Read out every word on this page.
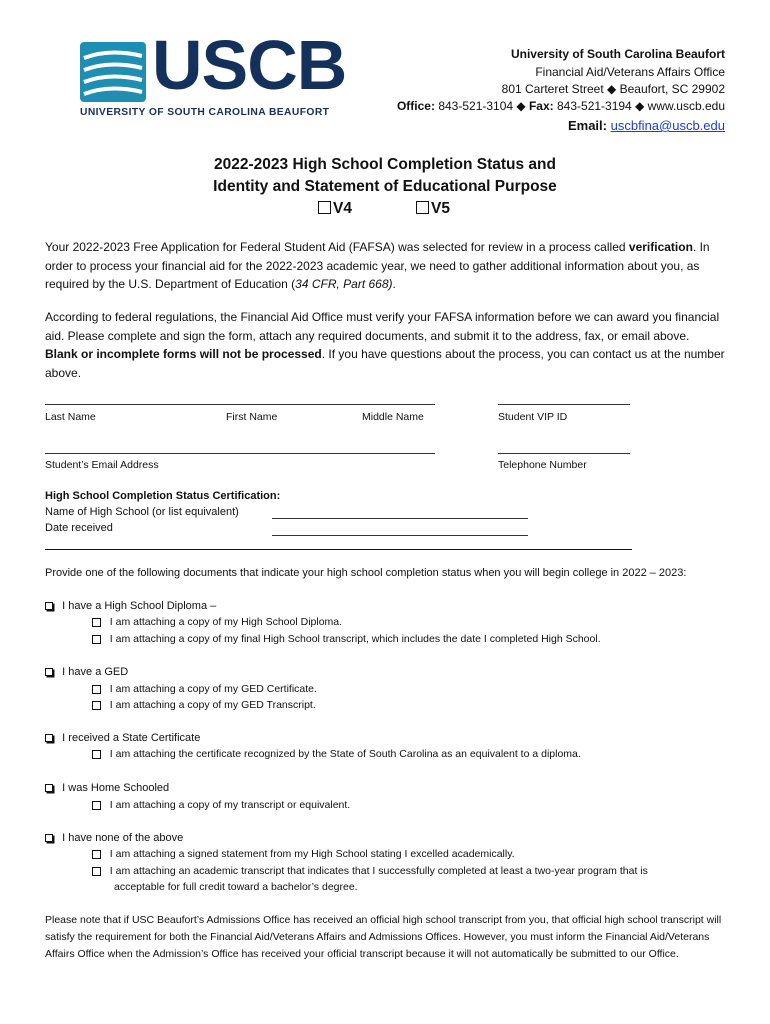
USCB
UNIVERSITY OF SOUTH CAROLINA BEAUFORT
University of South Carolina Beaufort
Financial Aid/Veterans Affairs Office
801 Carteret Street ◆ Beaufort, SC 29902
Office: 843-521-3104 ◆ Fax: 843-521-3194 ◆ www.uscb.edu
Email: uscbfina@uscb.edu
2022-2023 High School Completion Status and
Identity and Statement of Educational Purpose
V4	V5
Your 2022-2023 Free Application for Federal Student Aid (FAFSA) was selected for review in a process called verification. In order to process your financial aid for the 2022-2023 academic year, we need to gather additional information about you, as required by the U.S. Department of Education (34 CFR, Part 668).
According to federal regulations, the Financial Aid Office must verify your FAFSA information before we can award you financial aid. Please complete and sign the form, attach any required documents, and submit it to the address, fax, or email above. Blank or incomplete forms will not be processed. If you have questions about the process, you can contact us at the number above.
Last Name	First Name	Middle Name	Student VIP ID
Student’s Email Address	Telephone Number
High School Completion Status Certification:
Name of High School (or list equivalent)
Date received
Provide one of the following documents that indicate your high school completion status when you will begin college in 2022 – 2023:
I have a High School Diploma –
I am attaching a copy of my High School Diploma.
I am attaching a copy of my final High School transcript, which includes the date I completed High School.
I have a GED
I am attaching a copy of my GED Certificate.
I am attaching a copy of my GED Transcript.
I received a State Certificate
I am attaching the certificate recognized by the State of South Carolina as an equivalent to a diploma.
I was Home Schooled
I am attaching a copy of my transcript or equivalent.
I have none of the above
I am attaching a signed statement from my High School stating I excelled academically.
I am attaching an academic transcript that indicates that I successfully completed at least a two-year program that is
acceptable for full credit toward a bachelor’s degree.
Please note that if USC Beaufort’s Admissions Office has received an official high school transcript from you, that official high school transcript will satisfy the requirement for both the Financial Aid/Veterans Affairs and Admissions Offices. However, you must inform the Financial Aid/Veterans Affairs Office when the Admission’s Office has received your official transcript because it will not automatically be submitted to our Office.
